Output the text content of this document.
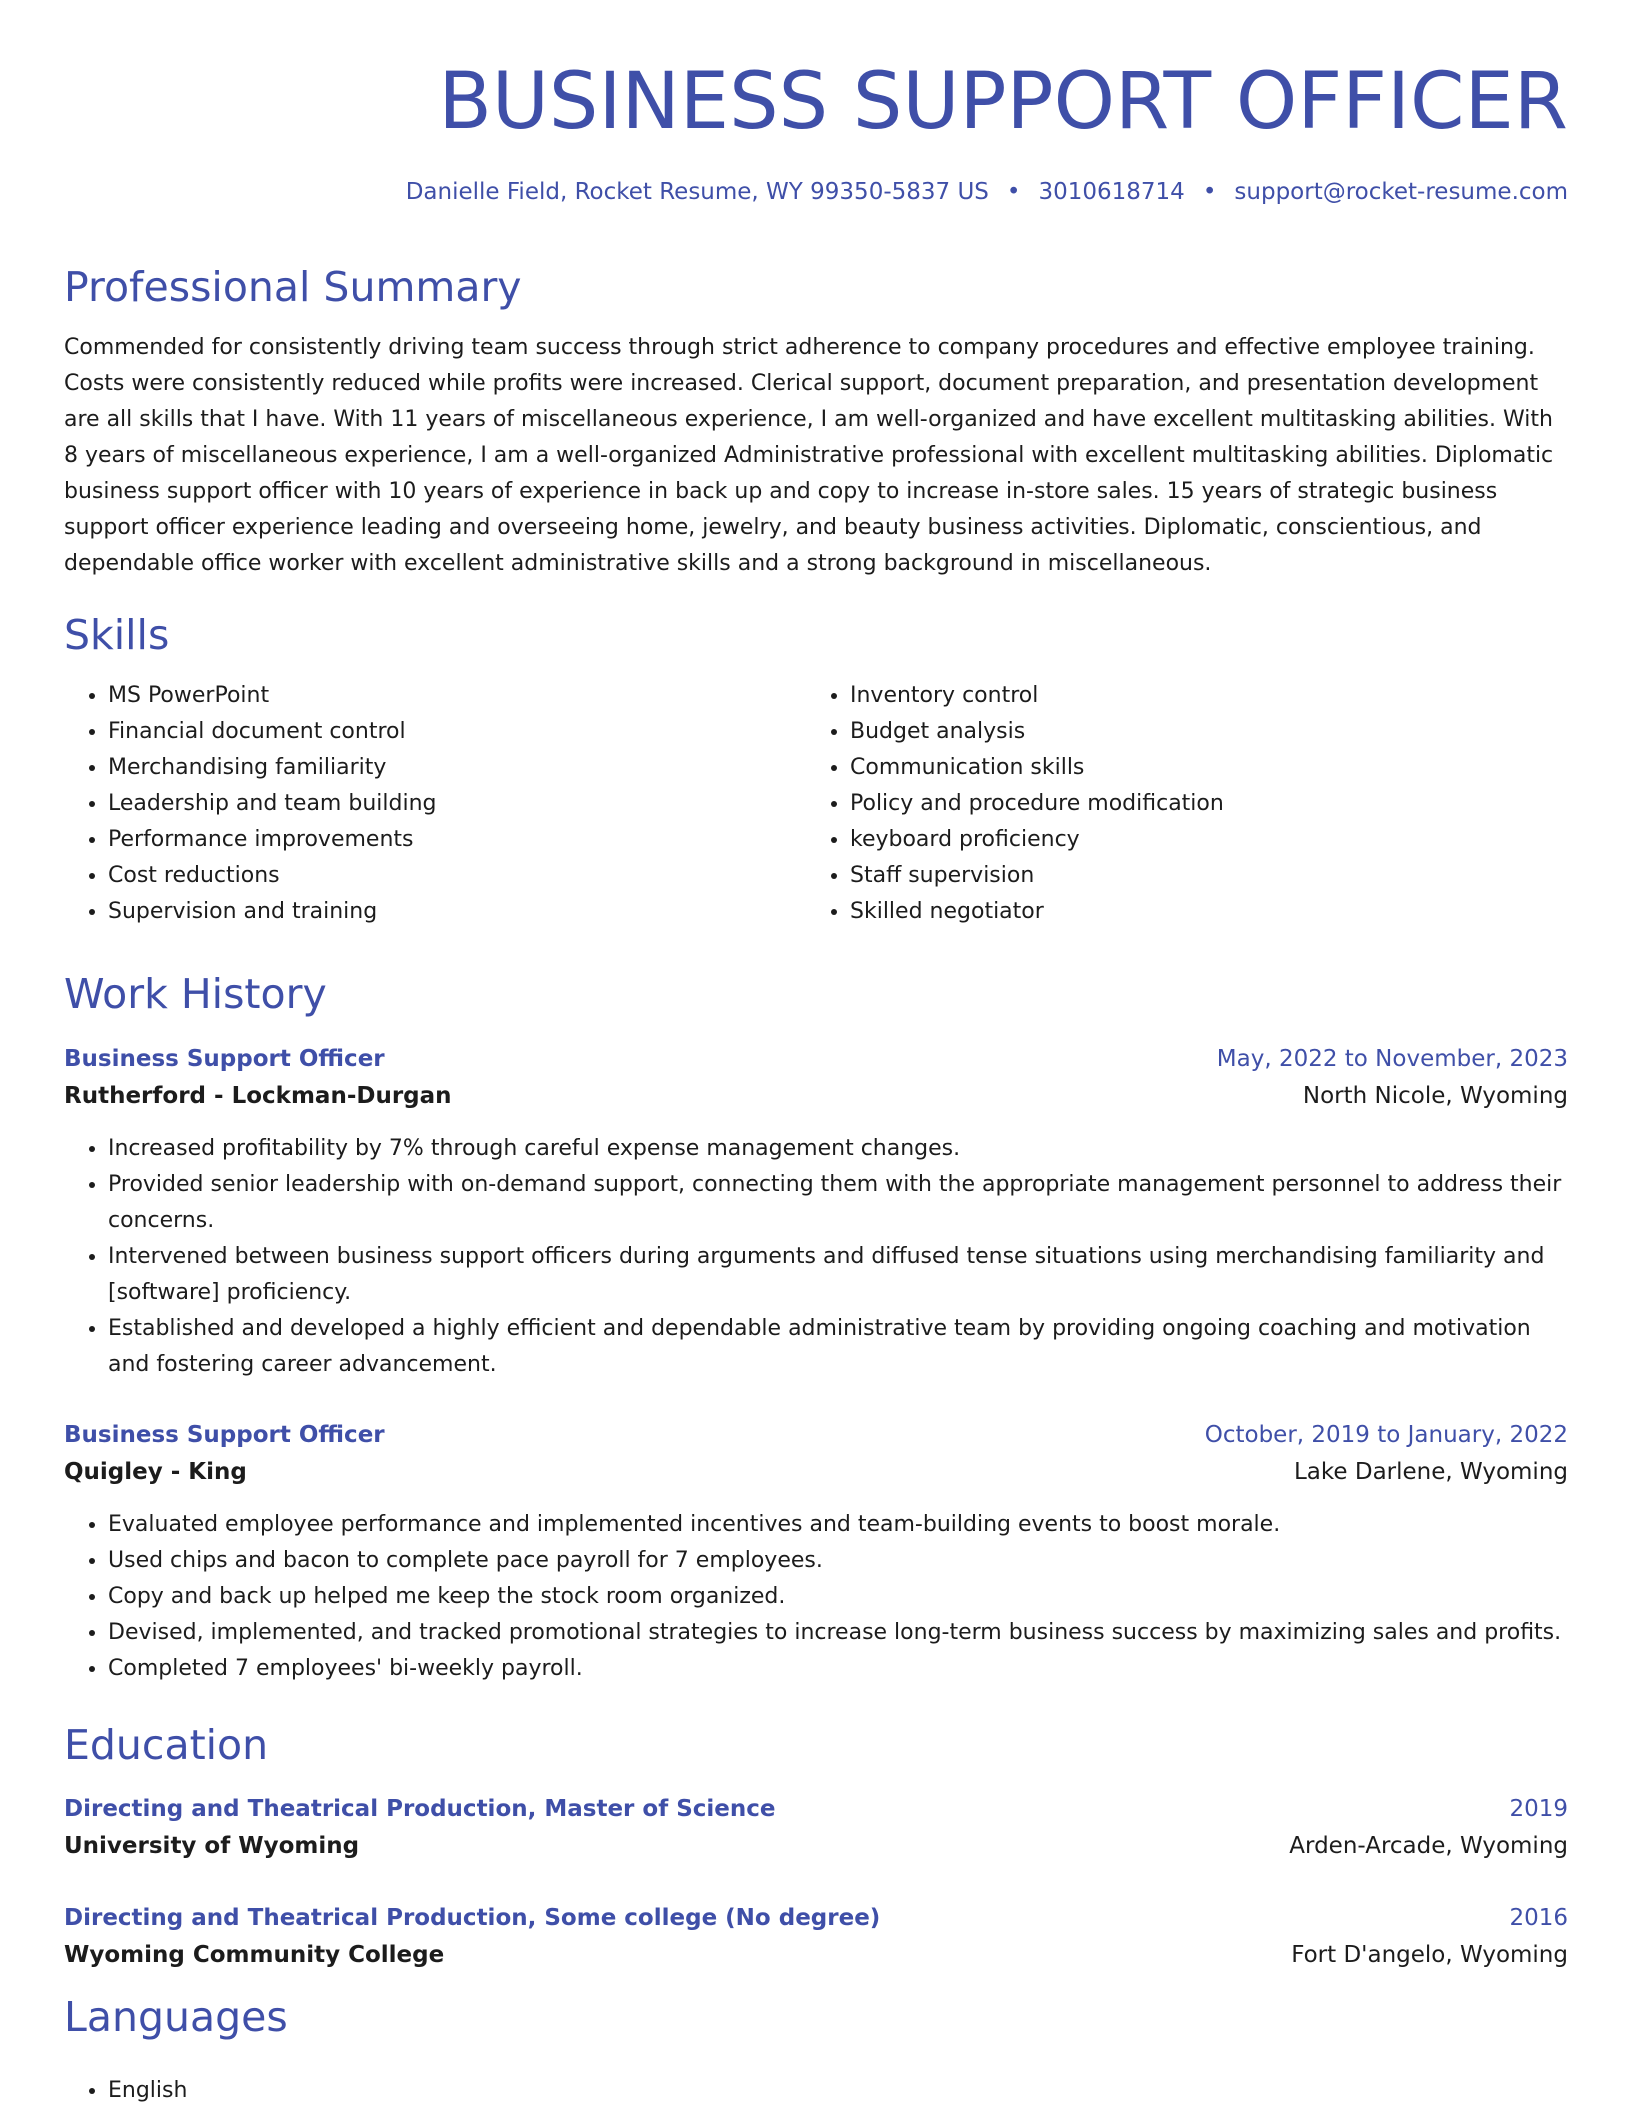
BUSINESS SUPPORT OFFICER
Danielle Field, Rocket Resume, WY 99350-5837 US • 3010618714 • support@rocket-resume.com
Professional Summary

Commended for consistently driving team success through strict adherence to company procedures and effective employee training. Costs were consistently reduced while profits were increased. Clerical support, document preparation, and presentation development are all skills that I have. With 11 years of miscellaneous experience, I am well-organized and have excellent multitasking abilities. With 8 years of miscellaneous experience, I am a well-organized Administrative professional with excellent multitasking abilities. Diplomatic business support officer with 10 years of experience in back up and copy to increase in-store sales. 15 years of strategic business support officer experience leading and overseeing home, jewelry, and beauty business activities. Diplomatic, conscientious, and dependable office worker with excellent administrative skills and a strong background in miscellaneous.

Skills
• MS PowerPoint
• Financial document control
• Merchandising familiarity
• Leadership and team building
• Performance improvements
• Cost reductions
• Supervision and training
• Inventory control
• Budget analysis
• Communication skills
• Policy and procedure modification
• keyboard proficiency
• Staff supervision
• Skilled negotiator
Work History
Business Support Officer	May, 2022 to November, 2023
Rutherford - Lockman-Durgan	North Nicole, Wyoming
• Increased profitability by 7% through careful expense management changes.
• Provided senior leadership with on-demand support, connecting them with the appropriate management personnel to address their concerns.
• Intervened between business support officers during arguments and diffused tense situations using merchandising familiarity and [software] proficiency.
• Established and developed a highly efficient and dependable administrative team by providing ongoing coaching and motivation and fostering career advancement.
Business Support Officer	October, 2019 to January, 2022
Quigley - King	Lake Darlene, Wyoming
• Evaluated employee performance and implemented incentives and team-building events to boost morale.
• Used chips and bacon to complete pace payroll for 7 employees.
• Copy and back up helped me keep the stock room organized.
• Devised, implemented, and tracked promotional strategies to increase long-term business success by maximizing sales and profits.
• Completed 7 employees' bi-weekly payroll.
Education
Directing and Theatrical Production, Master of Science	2019
University of Wyoming	Arden-Arcade, Wyoming
Directing and Theatrical Production, Some college (No degree)	2016
Wyoming Community College	Fort D'angelo, Wyoming
Languages
• English
